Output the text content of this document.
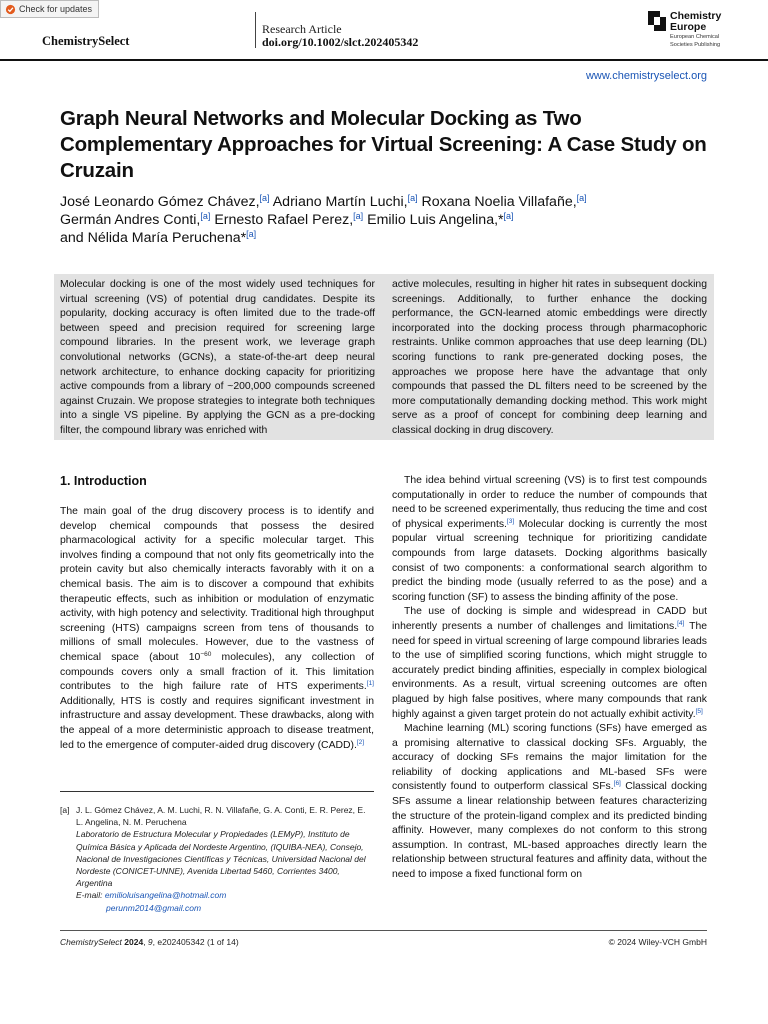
Check for updates
ChemistrySelect
Research Article
doi.org/10.1002/slct.202405342
Chemistry
Europe
European Chemical
Societies Publishing
www.chemistryselect.org
Graph Neural Networks and Molecular Docking as Two Complementary Approaches for Virtual Screening: A Case Study on Cruzain
José Leonardo Gómez Chávez,[a] Adriano Martín Luchi,[a] Roxana Noelia Villafañe,[a]
Germán Andres Conti,[a] Ernesto Rafael Perez,[a] Emilio Luis Angelina,*[a]
and Nélida María Peruchena*[a]
Molecular docking is one of the most widely used techniques for virtual screening (VS) of potential drug candidates. Despite its popularity, docking accuracy is often limited due to the trade-off between speed and precision required for screening large compound libraries. In the present work, we leverage graph convolutional networks (GCNs), a state-of-the-art deep neural network architecture, to enhance docking capacity for prioritizing active compounds from a library of ~200,000 compounds screened against Cruzain. We propose strategies to integrate both techniques into a single VS pipeline. By applying the GCN as a pre-docking filter, the compound library was enriched with
active molecules, resulting in higher hit rates in subsequent docking screenings. Additionally, to further enhance the docking performance, the GCN-learned atomic embeddings were directly incorporated into the docking process through pharmacophoric restraints. Unlike common approaches that use deep learning (DL) scoring functions to rank pre-generated docking poses, the approaches we propose here have the advantage that only compounds that passed the DL filters need to be screened by the more computationally demanding docking method. This work might serve as a proof of concept for combining deep learning and classical docking in drug discovery.
1. Introduction

The main goal of the drug discovery process is to identify and develop chemical compounds that possess the desired pharmacological activity for a specific molecular target. This involves finding a compound that not only fits geometrically into the protein cavity but also chemically interacts favorably with it on a chemical basis. The aim is to discover a compound that exhibits therapeutic effects, such as inhibition or modulation of enzymatic activity, with high potency and selectivity. Traditional high throughput screening (HTS) campaigns screen from tens of thousands to millions of small molecules. However, due to the vastness of chemical space (about $10^{-60}$ molecules), any collection of compounds covers only a small fraction of it. This limitation contributes to the high failure rate of HTS experiments.[1] Additionally, HTS is costly and requires significant investment in infrastructure and assay development. These drawbacks, along with the appeal of a more deterministic approach to disease treatment, led to the emergence of computer-aided drug discovery (CADD).[2]

The idea behind virtual screening (VS) is to first test compounds computationally in order to reduce the number of compounds that need to be screened experimentally, thus reducing the time and cost of physical experiments.[3] Molecular docking is currently the most popular virtual screening technique for prioritizing candidate compounds from large datasets. Docking algorithms basically consist of two components: a conformational search algorithm to predict the binding mode (usually referred to as the pose) and a scoring function (SF) to assess the binding affinity of the pose.

The use of docking is simple and widespread in CADD but inherently presents a number of challenges and limitations.[4] The need for speed in virtual screening of large compound libraries leads to the use of simplified scoring functions, which might struggle to accurately predict binding affinities, especially in complex biological environments. As a result, virtual screening outcomes are often plagued by high false positives, where many compounds that rank highly against a given target protein do not actually exhibit activity.[5]

Machine learning (ML) scoring functions (SFs) have emerged as a promising alternative to classical docking SFs. Arguably, the accuracy of docking SFs remains the major limitation for the reliability of docking applications and ML-based SFs were consistently found to outperform classical SFs.[6] Classical docking SFs assume a linear relationship between features characterizing the structure of the protein-ligand complex and its predicted binding affinity. However, many complexes do not conform to this strong assumption. In contrast, ML-based approaches directly learn the relationship between structural features and affinity data, without the need to impose a fixed functional form on

[a] J. L. Gómez Chávez, A. M. Luchi, R. N. Villafañe, G. A. Conti, E. R. Perez, E. L. Angelina, N. M. Peruchena
Laboratorio de Estructura Molecular y Propiedades (LEMyP), Instituto de Química Básica y Aplicada del Nordeste Argentino, (IQUIBA-NEA), Consejo, Nacional de Investigaciones Científicas y Técnicas, Universidad Nacional del Nordeste (CONICET-UNNE), Avenida Libertad 5460, Corrientes 3400, Argentina
E-mail: emilioluisangelina@hotmail.com
perunm2014@gmail.com
ChemistrySelect 2024, 9, e202405342 (1 of 14)	© 2024 Wiley-VCH GmbH
